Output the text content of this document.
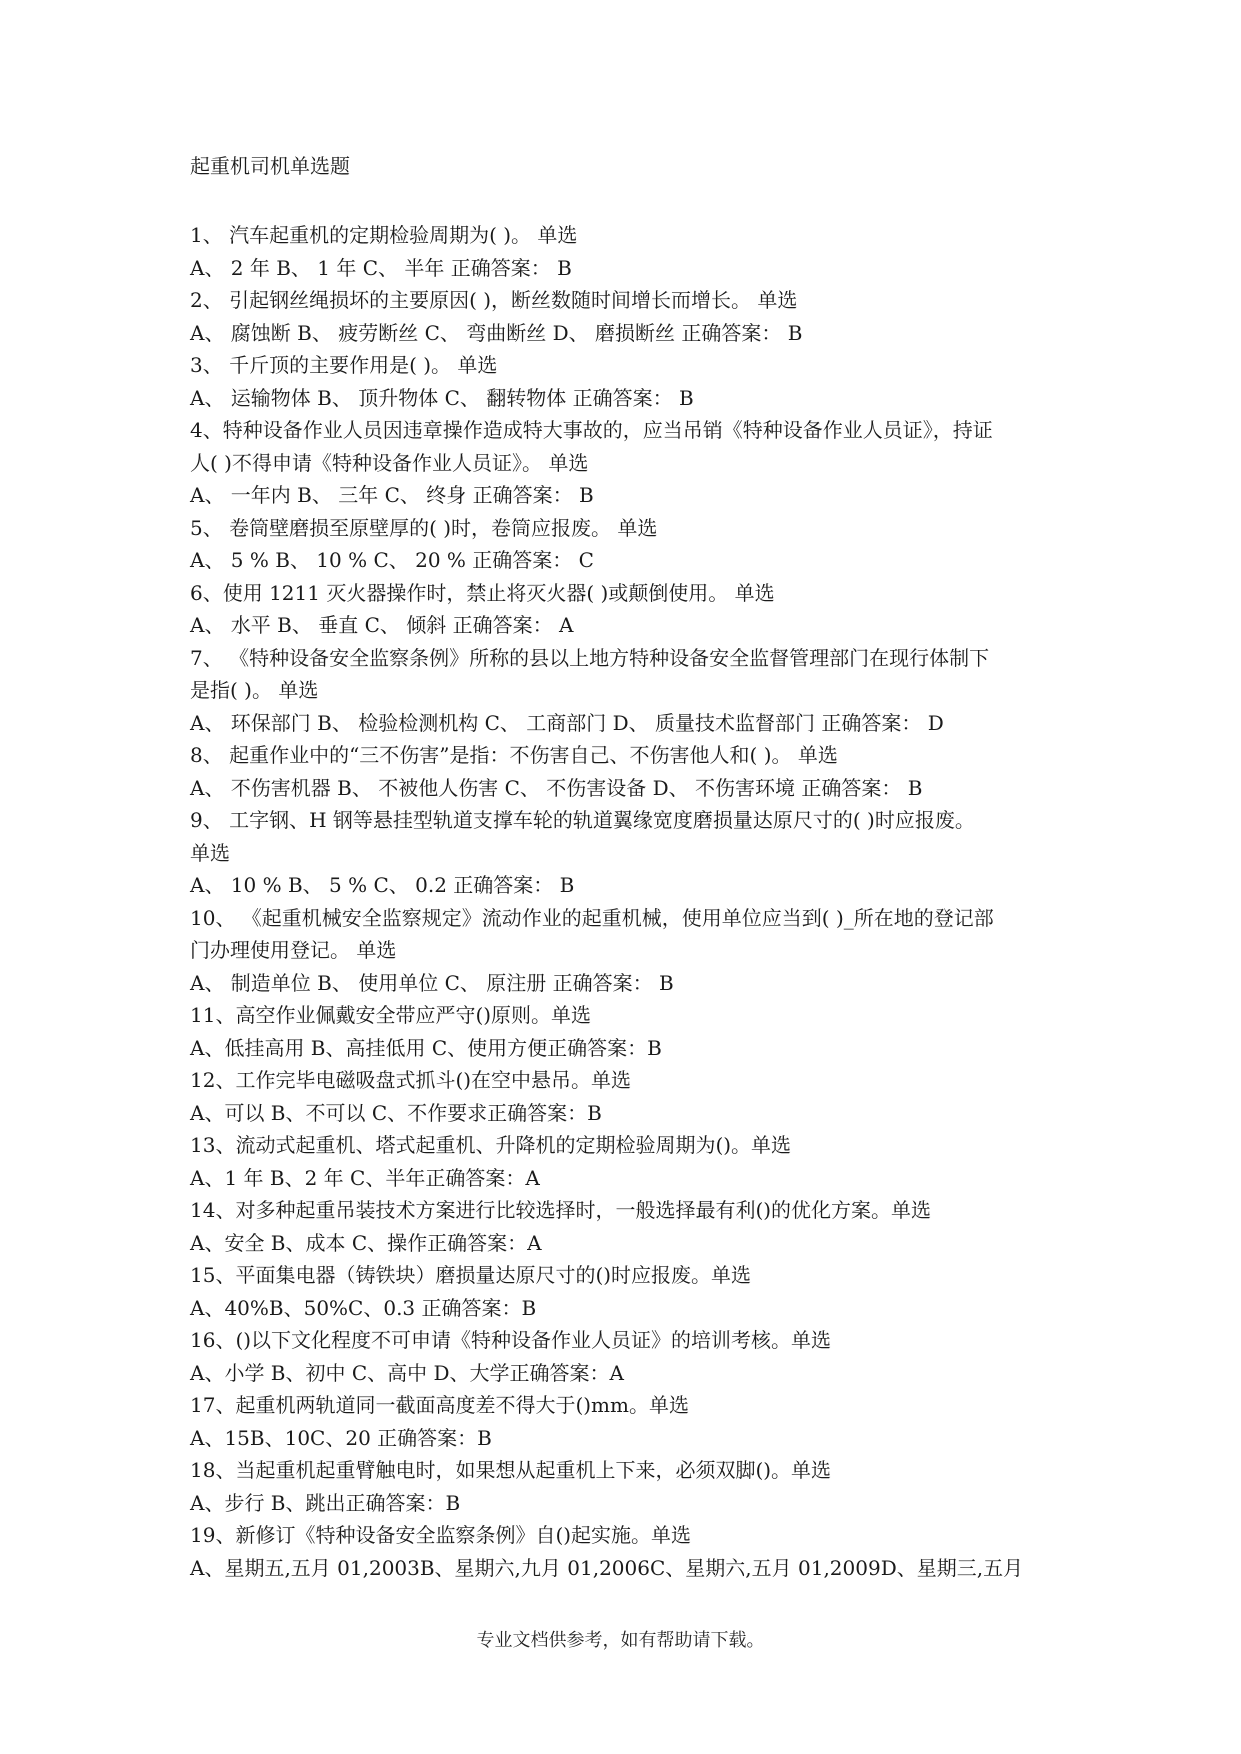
起重机司机单选题
1、 汽车起重机的定期检验周期为( )。 单选
A、 2 年 B、 1 年 C、 半年 正确答案： B
2、 引起钢丝绳损坏的主要原因( )，断丝数随时间增长而增长。 单选
A、 腐蚀断 B、 疲劳断丝 C、 弯曲断丝 D、 磨损断丝 正确答案： B
3、 千斤顶的主要作用是( )。 单选
A、 运输物体 B、 顶升物体 C、 翻转物体 正确答案： B
4、特种设备作业人员因违章操作造成特大事故的，应当吊销《特种设备作业人员证》，持证
人( )不得申请《特种设备作业人员证》。 单选
A、 一年内 B、 三年 C、 终身 正确答案： B
5、 卷筒壁磨损至原壁厚的( )时，卷筒应报废。 单选
A、 5 % B、 10 % C、 20 % 正确答案： C
6、使用 1211 灭火器操作时，禁止将灭火器( )或颠倒使用。 单选
A、 水平 B、 垂直 C、 倾斜 正确答案： A
7、 《特种设备安全监察条例》所称的县以上地方特种设备安全监督管理部门在现行体制下
是指( )。 单选
A、 环保部门 B、 检验检测机构 C、 工商部门 D、 质量技术监督部门 正确答案： D
8、 起重作业中的“三不伤害”是指：不伤害自己、不伤害他人和( )。 单选
A、 不伤害机器 B、 不被他人伤害 C、 不伤害设备 D、 不伤害环境 正确答案： B
9、 工字钢、H 钢等悬挂型轨道支撑车轮的轨道翼缘宽度磨损量达原尺寸的( )时应报废。
单选
A、 10 % B、 5 % C、 0.2 正确答案： B
10、 《起重机械安全监察规定》流动作业的起重机械，使用单位应当到( )_所在地的登记部
门办理使用登记。 单选
A、 制造单位 B、 使用单位 C、 原注册 正确答案： B
11、高空作业佩戴安全带应严守()原则。单选
A、低挂高用 B、高挂低用 C、使用方便正确答案：B
12、工作完毕电磁吸盘式抓斗()在空中悬吊。单选
A、可以 B、不可以 C、不作要求正确答案：B
13、流动式起重机、塔式起重机、升降机的定期检验周期为()。单选
A、1 年 B、2 年 C、半年正确答案：A
14、对多种起重吊装技术方案进行比较选择时，一般选择最有利()的优化方案。单选
A、安全 B、成本 C、操作正确答案：A
15、平面集电器（铸铁块）磨损量达原尺寸的()时应报废。单选
A、40%B、50%C、0.3 正确答案：B
16、()以下文化程度不可申请《特种设备作业人员证》的培训考核。单选
A、小学 B、初中 C、高中 D、大学正确答案：A
17、起重机两轨道同一截面高度差不得大于()mm。单选
A、15B、10C、20 正确答案：B
18、当起重机起重臂触电时，如果想从起重机上下来，必须双脚()。单选
A、步行 B、跳出正确答案：B
19、新修订《特种设备安全监察条例》自()起实施。单选
A、星期五,五月 01,2003B、星期六,九月 01,2006C、星期六,五月 01,2009D、星期三,五月
专业文档供参考，如有帮助请下载。
